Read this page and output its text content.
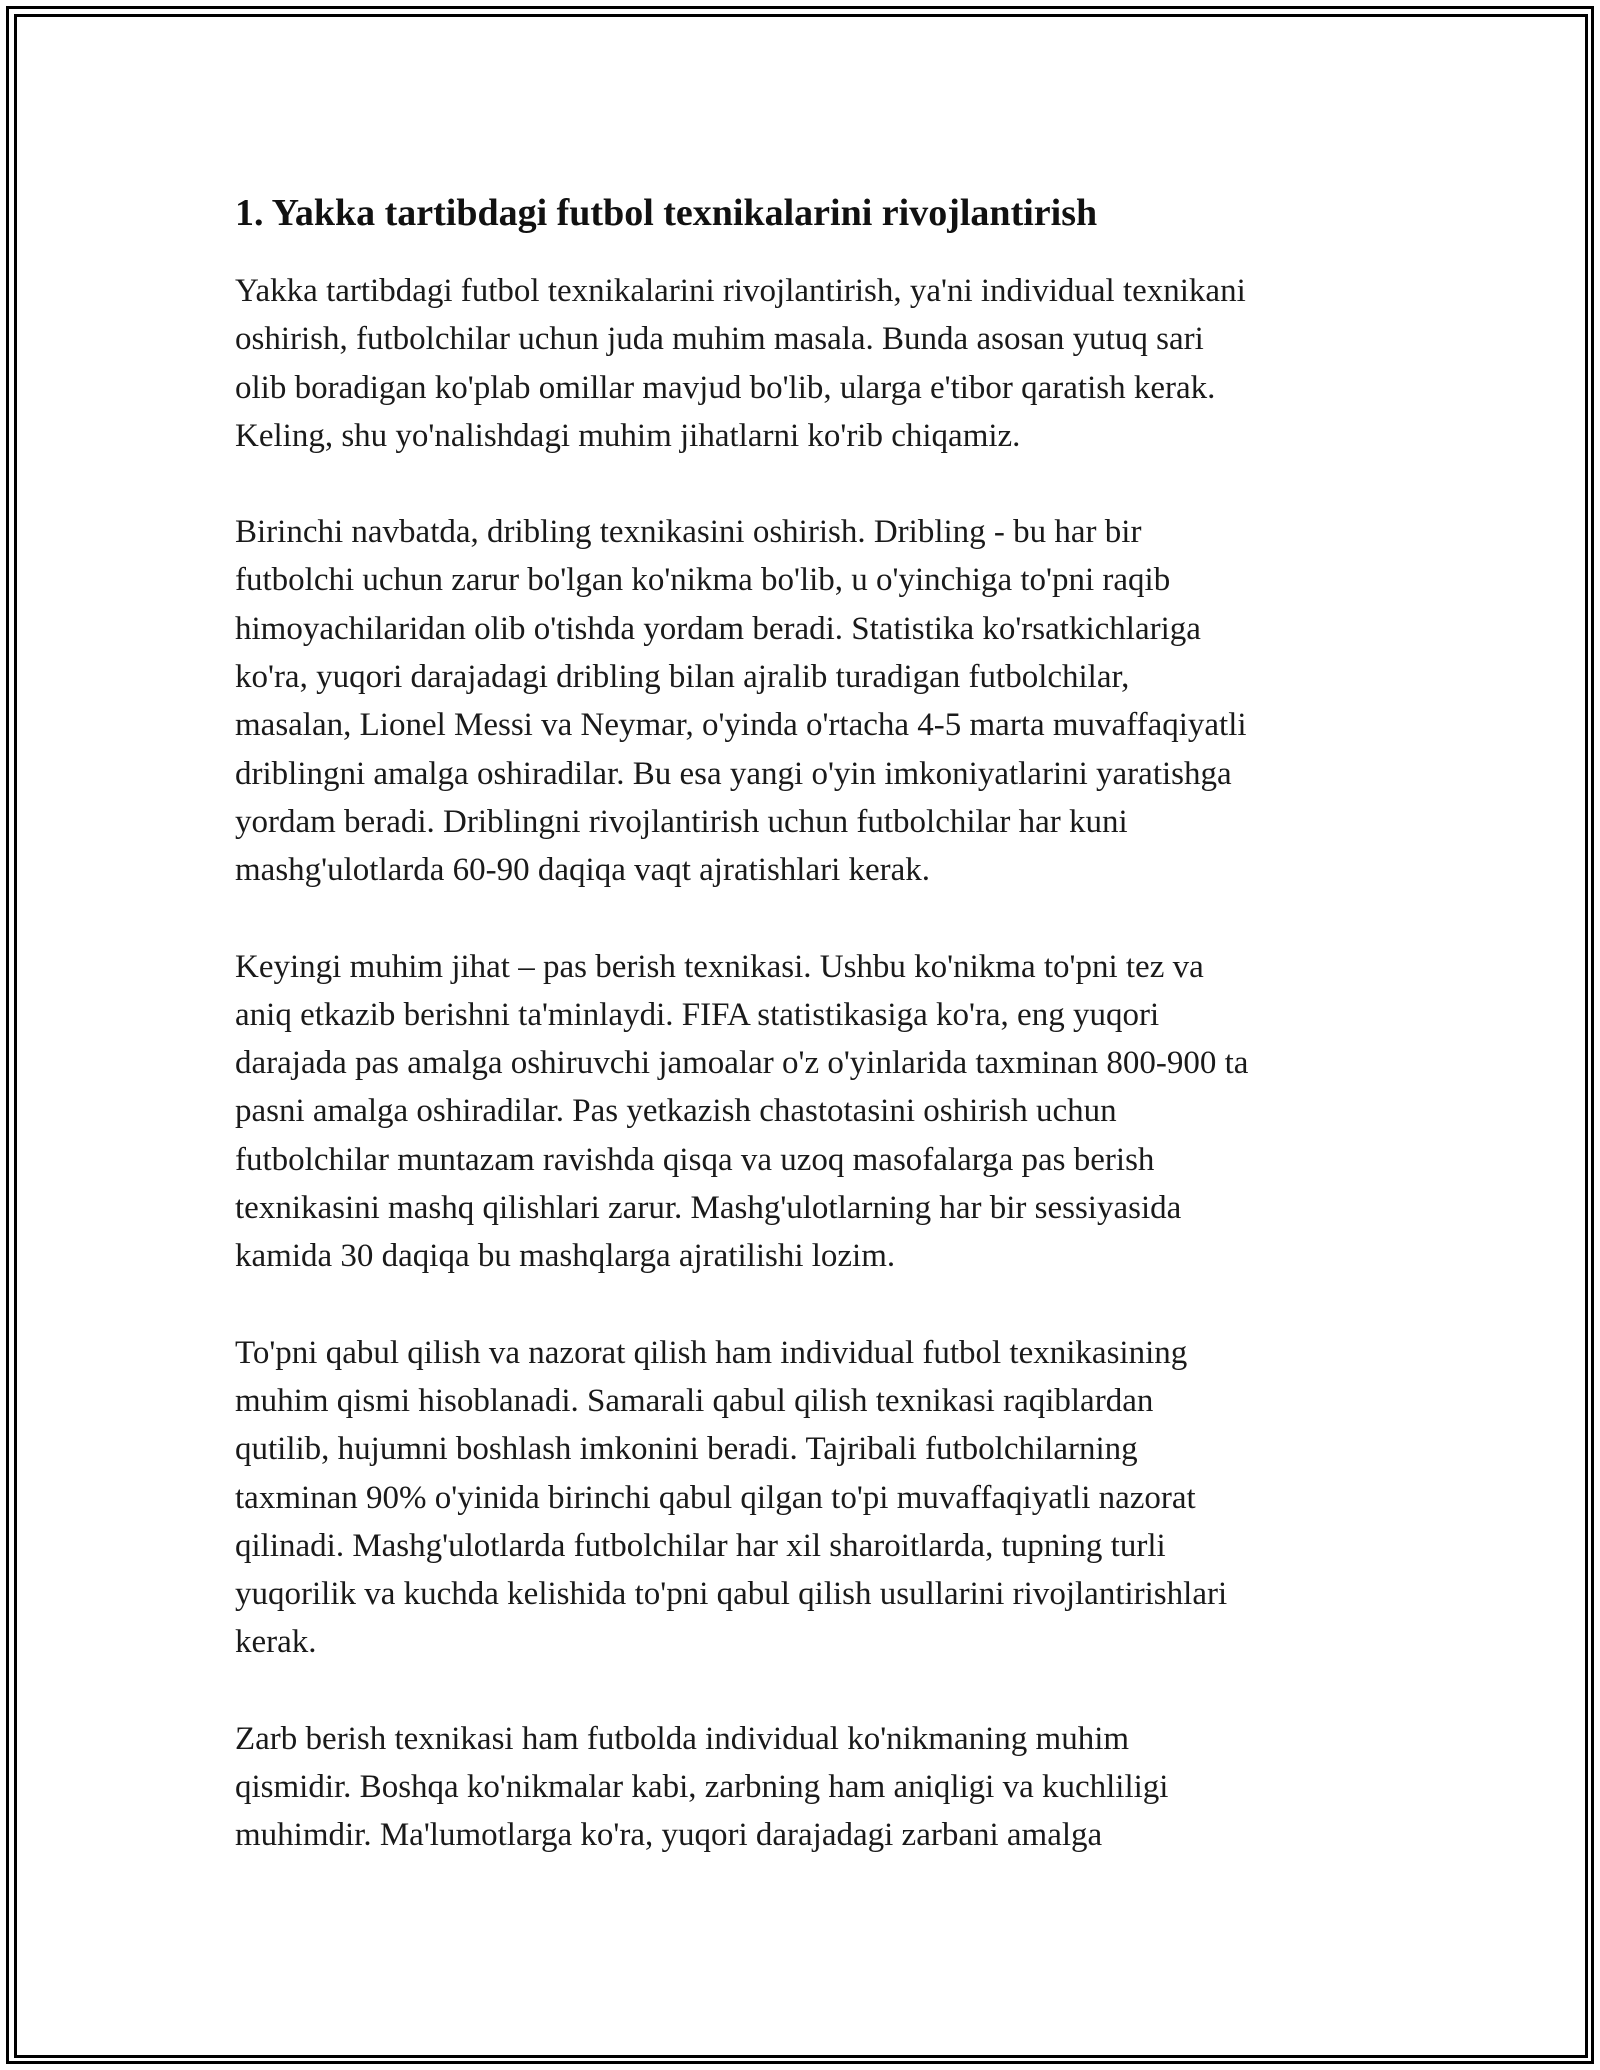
1. Yakka tartibdagi futbol texnikalarini rivojlantirish
Yakka tartibdagi futbol texnikalarini rivojlantirish, ya'ni individual texnikani
oshirish, futbolchilar uchun juda muhim masala. Bunda asosan yutuq sari
olib boradigan ko'plab omillar mavjud bo'lib, ularga e'tibor qaratish kerak.
Keling, shu yo'nalishdagi muhim jihatlarni ko'rib chiqamiz.
Birinchi navbatda, dribling texnikasini oshirish. Dribling - bu har bir
futbolchi uchun zarur bo'lgan ko'nikma bo'lib, u o'yinchiga to'pni raqib
himoyachilaridan olib o'tishda yordam beradi. Statistika ko'rsatkichlariga
ko'ra, yuqori darajadagi dribling bilan ajralib turadigan futbolchilar,
masalan, Lionel Messi va Neymar, o'yinda o'rtacha 4-5 marta muvaffaqiyatli
driblingni amalga oshiradilar. Bu esa yangi o'yin imkoniyatlarini yaratishga
yordam beradi. Driblingni rivojlantirish uchun futbolchilar har kuni
mashg'ulotlarda 60-90 daqiqa vaqt ajratishlari kerak.
Keyingi muhim jihat – pas berish texnikasi. Ushbu ko'nikma to'pni tez va
aniq etkazib berishni ta'minlaydi. FIFA statistikasiga ko'ra, eng yuqori
darajada pas amalga oshiruvchi jamoalar o'z o'yinlarida taxminan 800-900 ta
pasni amalga oshiradilar. Pas yetkazish chastotasini oshirish uchun
futbolchilar muntazam ravishda qisqa va uzoq masofalarga pas berish
texnikasini mashq qilishlari zarur. Mashg'ulotlarning har bir sessiyasida
kamida 30 daqiqa bu mashqlarga ajratilishi lozim.
To'pni qabul qilish va nazorat qilish ham individual futbol texnikasining
muhim qismi hisoblanadi. Samarali qabul qilish texnikasi raqiblardan
qutilib, hujumni boshlash imkonini beradi. Tajribali futbolchilarning
taxminan 90% o'yinida birinchi qabul qilgan to'pi muvaffaqiyatli nazorat
qilinadi. Mashg'ulotlarda futbolchilar har xil sharoitlarda, tupning turli
yuqorilik va kuchda kelishida to'pni qabul qilish usullarini rivojlantirishlari
kerak.
Zarb berish texnikasi ham futbolda individual ko'nikmaning muhim
qismidir. Boshqa ko'nikmalar kabi, zarbning ham aniqligi va kuchliligi
muhimdir. Ma'lumotlarga ko'ra, yuqori darajadagi zarbani amalga
